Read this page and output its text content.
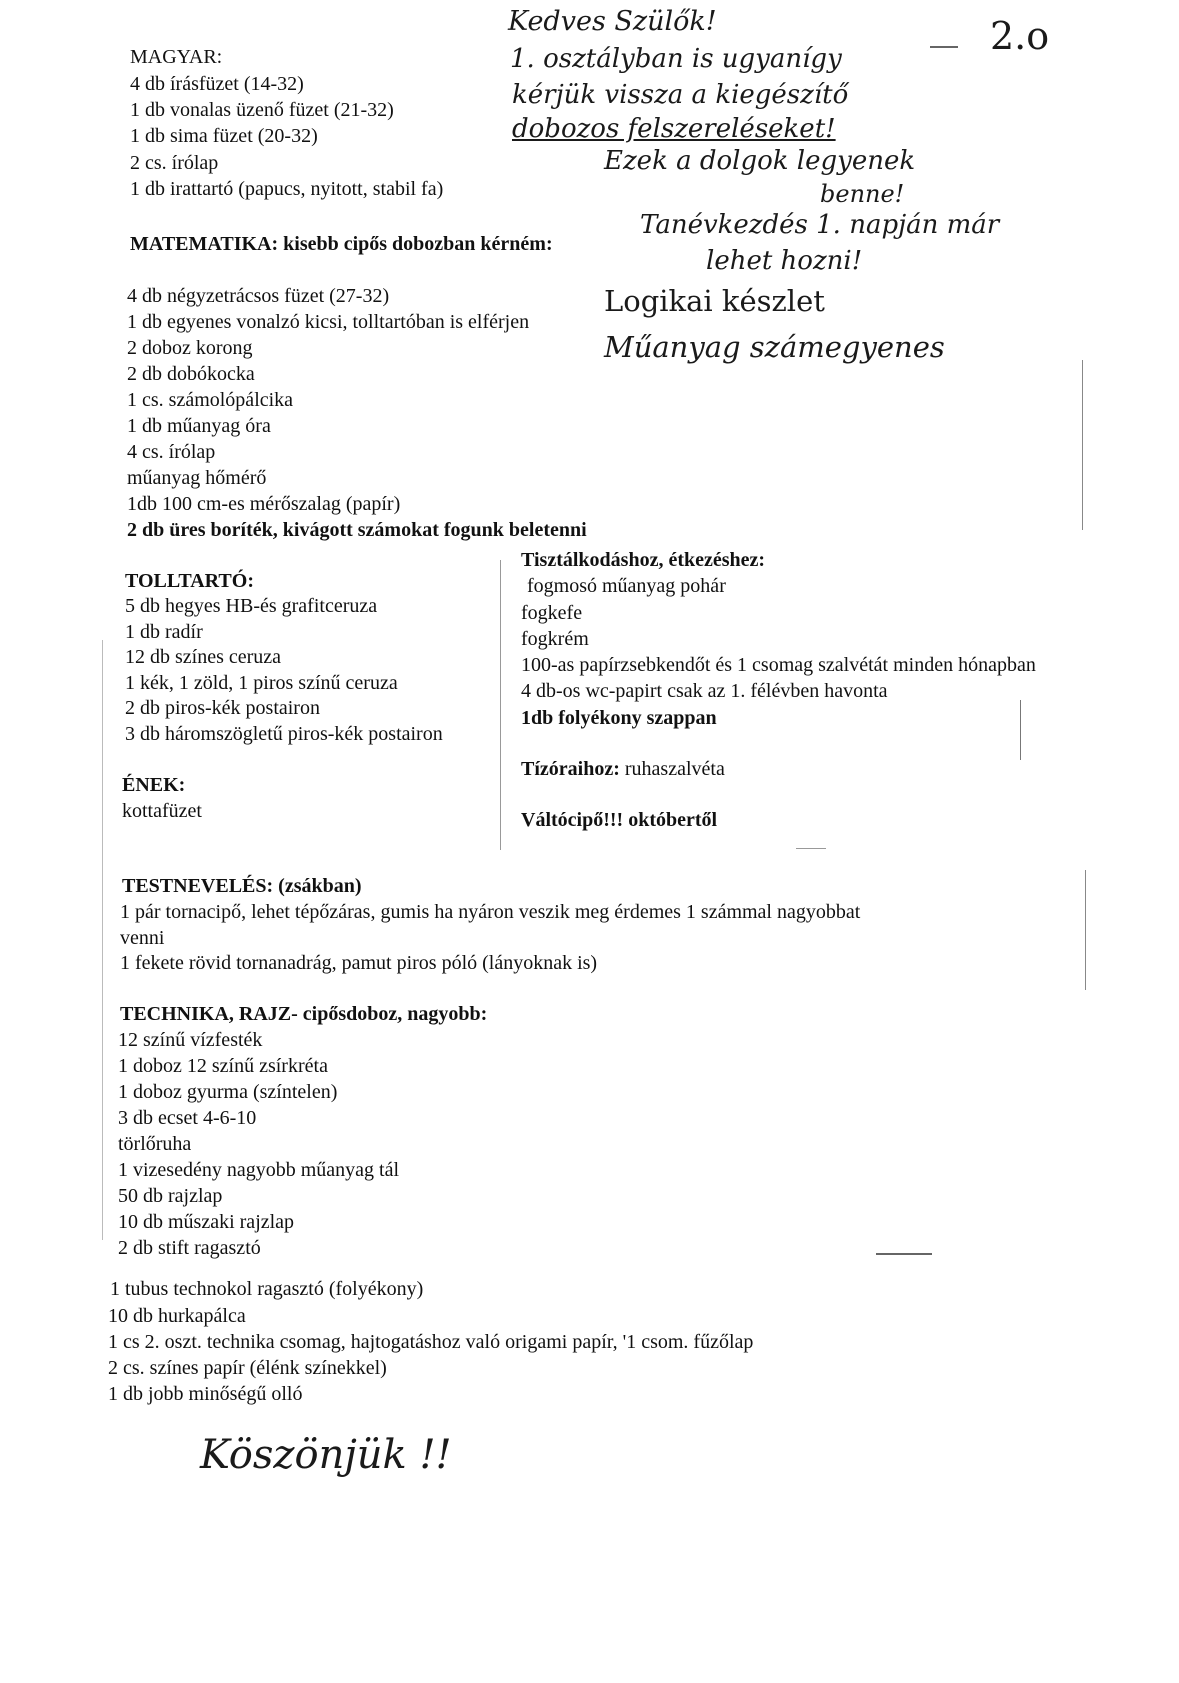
MAGYAR:
4 db írásfüzet (14-32)
1 db vonalas üzenő füzet (21-32)
1 db sima füzet (20-32)
2 cs. írólap
1 db irattartó (papucs, nyitott, stabil fa)
MATEMATIKA: kisebb cipős dobozban kérném:
4 db négyzetrácsos füzet (27-32)
1 db egyenes vonalzó kicsi, tolltartóban is elférjen
2 doboz korong
2 db dobókocka
1 cs. számolópálcika
1 db műanyag óra
4 cs. írólap
műanyag hőmérő
1db 100 cm-es mérőszalag (papír)
2 db üres boríték, kivágott számokat fogunk beletenni
TOLLTARTÓ:
5 db hegyes HB-és grafitceruza
1 db radír
12 db színes ceruza
1 kék, 1 zöld, 1 piros színű ceruza
2 db piros-kék postairon
3 db háromszögletű piros-kék postairon
ÉNEK:
kottafüzet
Tisztálkodáshoz, étkezéshez:
fogmosó műanyag pohár
fogkefe
fogkrém
100-as papírzsebkendőt és 1 csomag szalvétát minden hónapban
4 db-os wc-papirt csak az 1. félévben havonta
1db folyékony szappan
Tízóraihoz: ruhaszalvéta
Váltócipő!!! októbertől
TESTNEVELÉS: (zsákban)
1 pár tornacipő, lehet tépőzáras, gumis ha nyáron veszik meg érdemes 1 számmal nagyobbat
venni
1 fekete rövid tornanadrág, pamut piros póló (lányoknak is)
TECHNIKA, RAJZ- cipősdoboz, nagyobb:
12 színű vízfesték
1 doboz 12 színű zsírkréta
1 doboz gyurma (színtelen)
3 db ecset 4-6-10
törlőruha
1 vizesedény nagyobb műanyag tál
50 db rajzlap
10 db műszaki rajzlap
2 db stift ragasztó
1 tubus technokol ragasztó (folyékony)
10 db hurkapálca
1 cs 2. oszt. technika csomag, hajtogatáshoz való origami papír, '1 csom. fűzőlap
2 cs. színes papír (élénk színekkel)
1 db jobb minőségű olló
2.o
Kedves Szülők!
1. osztályban is ugyanígy
kérjük vissza a kiegészítő
dobozos felszereléseket!
Ezek a dolgok legyenek
benne!
Tanévkezdés 1. napján már
lehet hozni!
Logikai készlet
Műanyag számegyenes
Köszönjük !!
